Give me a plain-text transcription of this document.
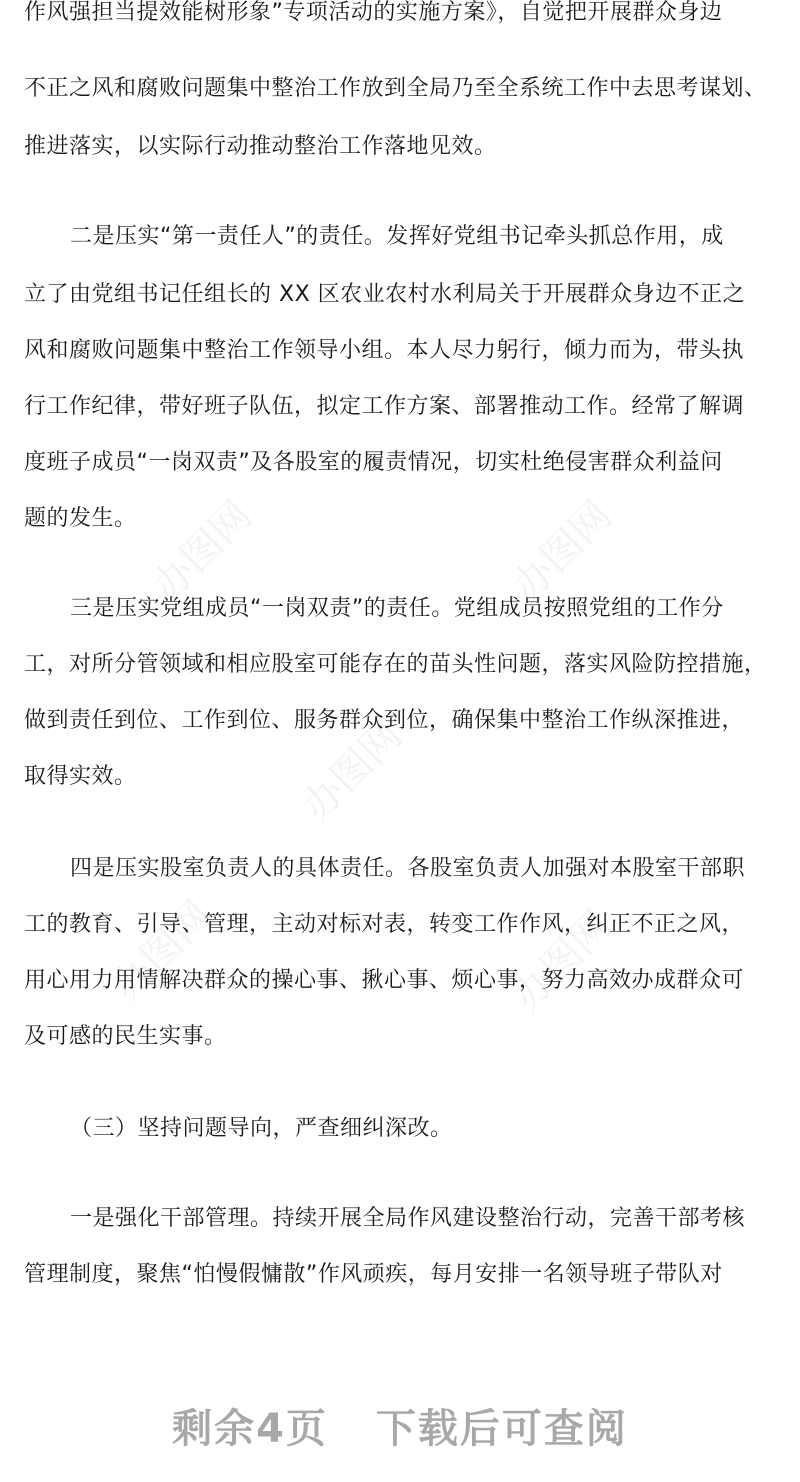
作风强担当提效能树形象”专项活动的实施方案》，自觉把开展群众身边
不正之风和腐败问题集中整治工作放到全局乃至全系统工作中去思考谋划、
推进落实，以实际行动推动整治工作落地见效。
二是压实“第一责任人”的责任。发挥好党组书记牵头抓总作用，成
立了由党组书记任组长的 XX 区农业农村水利局关于开展群众身边不正之
风和腐败问题集中整治工作领导小组。本人尽力躬行，倾力而为，带头执
行工作纪律，带好班子队伍，拟定工作方案、部署推动工作。经常了解调
度班子成员“一岗双责”及各股室的履责情况，切实杜绝侵害群众利益问
题的发生。
三是压实党组成员“一岗双责”的责任。党组成员按照党组的工作分
工，对所分管领域和相应股室可能存在的苗头性问题，落实风险防控措施，
做到责任到位、工作到位、服务群众到位，确保集中整治工作纵深推进，
取得实效。
四是压实股室负责人的具体责任。各股室负责人加强对本股室干部职
工的教育、引导、管理，主动对标对表，转变工作作风，纠正不正之风，
用心用力用情解决群众的操心事、揪心事、烦心事，努力高效办成群众可
及可感的民生实事。
（三）坚持问题导向，严查细纠深改。
一是强化干部管理。持续开展全局作风建设整治行动，完善干部考核
管理制度，聚焦“怕慢假慵散”作风顽疾，每月安排一名领导班子带队对
办图网	办图网
办图网
办图网	办图网
剩余4页 下载后可查阅
